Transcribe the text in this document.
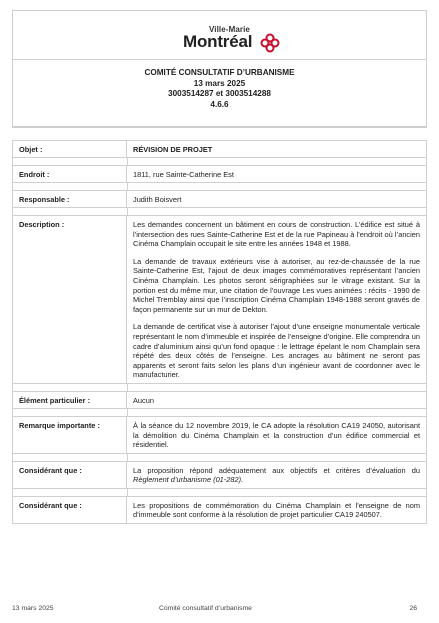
Ville-Marie
Montréal
COMITÉ CONSULTATIF D’URBANISME
13 mars 2025
3003514287 et 3003514288
4.6.6
Objet :	RÉVISION DE PROJET
Endroit :	1811, rue Sainte-Catherine Est
Responsable :	Judith Boisvert
Description :	Les demandes concernent un bâtiment en cours de construction. L’édifice est situé à l’intersection des rues Sainte-Catherine Est et de la rue Papineau à l’endroit où l’ancien Cinéma Champlain occupait le site entre les années 1948 et 1988.

La demande de travaux extérieurs vise à autoriser, au rez-de-chaussée de la rue Sainte-Catherine Est, l’ajout de deux images commémoratives représentant l’ancien Cinéma Champlain. Les photos seront sérigraphiées sur le vitrage existant. Sur la portion est du même mur, une citation de l’ouvrage Les vues animées : récits - 1990 de Michel Tremblay ainsi que l’inscription Cinéma Champlain 1948-1988 seront gravés de façon permanente sur un mur de Dekton.

La demande de certificat vise à autoriser l’ajout d’une enseigne monumentale verticale représentant le nom d’immeuble et inspirée de l’enseigne d’origine. Elle comprendra un cadre d’aluminium ainsi qu’un fond opaque : le lettrage épelant le nom Champlain sera répété des deux côtés de l’enseigne. Les ancrages au bâtiment ne seront pas apparents et seront faits selon les plans d’un ingénieur avant de coordonner avec le manufacturier.

Élément particulier :	Aucun
Remarque importante :	À la séance du 12 novembre 2019, le CA adopte la résolution CA19 24050, autorisant la démolition du Cinéma Champlain et la construction d’un édifice commercial et résidentiel.

Considérant que :	La proposition répond adéquatement aux objectifs et critères d’évaluation du Règlement d’urbanisme (01-282).

Considérant que :	Les propositions de commémoration du Cinéma Champlain et l’enseigne de nom d’immeuble sont conforme à la résolution de projet particulier CA19 240507.

13 mars 2025	Comité consultatif d’urbanisme	26
